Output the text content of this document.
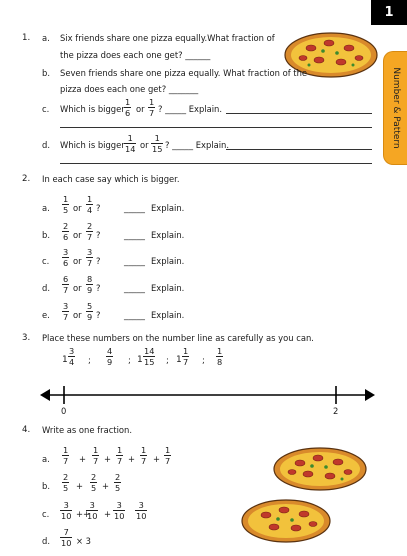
1
Number & Pattern
1. a. Six friends share one pizza equally.What fraction of
the pizza does each one get? ______
b. Seven friends share one pizza equally. What fraction of the
pizza does each one get? _______
c. Which is bigger
1
6 or
1
7 ? _____ Explain.
d. Which is bigger
1
14 or
1
15 ? _____ Explain.
2. In each case say which is bigger.
a.
1
5 or
1
4 ?	_____ Explain.
b.
2
6 or
2
7 ?	_____ Explain.
c.
3
6 or
3
7 ?	_____ Explain.
d.
6
7 or
8
9 ?	_____ Explain.
e.
3
7 or
5
9 ?	_____ Explain.
3. Place these numbers on the number line as carefully as you can.
1
3
4 ;
4
9 ; 1
14
15 ; 1
1
7 ;
1
8
0	2
4. Write as one fraction.
a.
1
7 +
1
7 +
1
7 +
1
7 +
1
7
b.
2
5 +
2
5 +
2
5
c.
3
10 ++
3
10 +
3
10
3
10
d.
7
10 × 3
